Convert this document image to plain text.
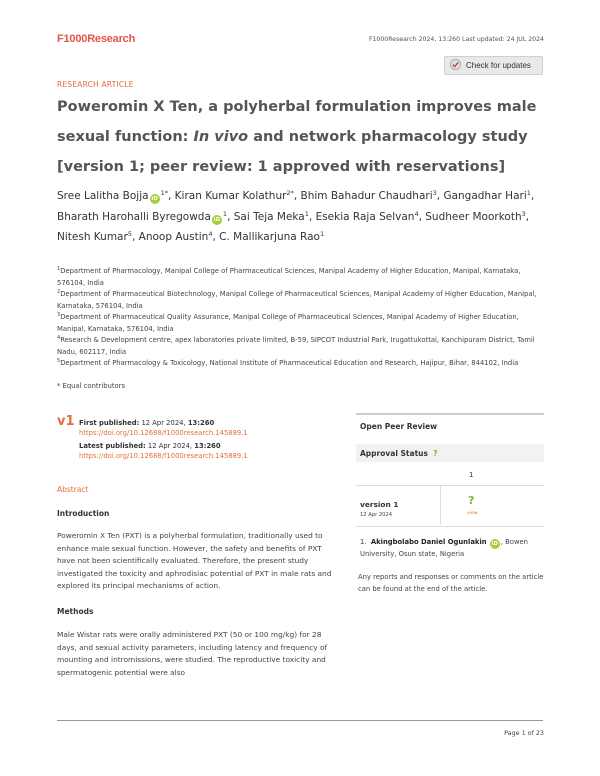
F1000Research	F1000Research 2024, 13:260 Last updated: 24 JUL 2024
RESEARCH ARTICLE
Check for updates
Poweromin X Ten, a polyherbal formulation improves male sexual function: In vivo and network pharmacology study
[version 1; peer review: 1 approved with reservations]
Sree Lalitha Bojja $iD^{1*}$, Kiran Kumar Kolathur$^{2*}$, Bhim Bahadur Chaudhari$^3$, Gangadhar Hari$^1$, Bharath Harohalli Byregowda $iD^1$, Sai Teja Meka$^1$, Esekia Raja Selvan$^4$, Sudheer Moorkoth$^3$, Nitesh Kumar$^5$, Anoop Austin$^4$, C. Mallikarjuna Rao$^1$
$^1$Department of Pharmacology, Manipal College of Pharmaceutical Sciences, Manipal Academy of Higher Education, Manipal, Karnataka, 576104, India
$^2$Department of Pharmaceutical Biotechnology, Manipal College of Pharmaceutical Sciences, Manipal Academy of Higher Education, Manipal, Karnataka, 576104, India
$^3$Department of Pharmaceutical Quality Assurance, Manipal College of Pharmaceutical Sciences, Manipal Academy of Higher Education, Manipal, Karnataka, 576104, India
$^4$Research & Development centre, apex laboratories private limited, B-59, SIPCOT Industrial Park, Irugattukottai, Kanchipuram District, Tamil Nadu, 602117, India
$^5$Department of Pharmacology & Toxicology, National Institute of Pharmaceutical Education and Research, Hajipur, Bihar, 844102, India
* Equal contributors
v1 First published: 12 Apr 2024, 13:260
https://doi.org/10.12688/f1000research.145889.1
Latest published: 12 Apr 2024, 13:260
https://doi.org/10.12688/f1000research.145889.1
Abstract
Introduction
Poweromin X Ten (PXT) is a polyherbal formulation, traditionally used to enhance male sexual function. However, the safety and benefits of PXT have not been scientifically evaluated. Therefore, the present study investigated the toxicity and aphrodisiac potential of PXT in male rats and explored its principal mechanisms of action.
Methods
Male Wistar rats were orally administered PXT (50 or 100 mg/kg) for 28 days, and sexual activity parameters, including latency and frequency of mounting and intromissions, were studied. The reproductive toxicity and spermatogenic potential were also
Open Peer Review
Approval Status ?
1
version 1
12 Apr 2024
?
view
1. Akingbolabo Daniel Ogunlakin iD , Bowen University, Osun state, Nigeria
Any reports and responses or comments on the article can be found at the end of the article.
Page 1 of 23
